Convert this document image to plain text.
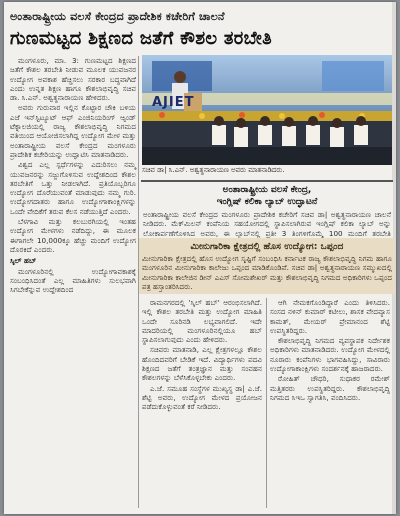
ಅಂತಾರಾಷ್ಟ್ರೀಯ ವಲಸೆ ಕೇಂದ್ರದ ಪ್ರಾದೇಶಿಕ ಕಚೇರಿಗೆ ಚಾಲನೆ
ಗುಣಮಟ್ಟದ ಶಿಕ್ಷಣದ ಜತೆಗೆ ಕೌಶಲ ತರಬೇತಿ

ಮಂಗಳೂರು, ಮಾ. 3: ಗುಣಮಟ್ಟದ ಶಿಕ್ಷಣದ ಜತೆಗೆ ಕೌಶಲ ತರಬೇತಿ ನೀಡುವ ಮೂಲಕ ಯುವಜನರ ಉದ್ಯೋಗ ಅವಕಾಶ ಹೆಚ್ಚಿಸಲು ಸರಕಾರ ಬದ್ಧವಾಗಿದೆ ಎಂದು ಉನ್ನತ ಶಿಕ್ಷಣ ಹಾಗೂ ಕೌಶಲಾಭಿವೃದ್ಧಿ ಸಚಿವ ಡಾ. ಸಿ.ಎನ್. ಅಶ್ವತ್ಥನಾರಾಯಣ ಹೇಳಿದರು.

ಅವರು ಗುರುವಾರ ಇಲ್ಲಿನ ಕೊಟ್ಟಾರ ಚೌಕಿ ಬಳಿಯ ಎಜೆ ಇನ್‌ಸ್ಟಿಟ್ಯೂಟ್ ಆಫ್ ಎಂಜಿನಿಯರಿಂಗ್ ಆ್ಯಂಡ್ ಟೆಕ್ನಾಲಜಿಯಲ್ಲಿ ರಾಜ್ಯ ಕೌಶಲಾಭಿವೃದ್ಧಿ ನಿಗಮದ ವತಿಯಿಂದ ಆಯೋಜಿಸಲಾಗಿದ್ದ ಉದ್ಯೋಗ ಮೇಳ ಮತ್ತು ಅಂತಾರಾಷ್ಟ್ರೀಯ ವಲಸೆ ಕೇಂದ್ರದ ಮಂಗಳೂರು ಪ್ರಾದೇಶಿಕ ಕಚೇರಿಯನ್ನು ಉದ್ಘಾಟಿಸಿ ಮಾತನಾಡಿದರು.

ವಿಶ್ವದ ಎಲ್ಲ ಸ್ಪರ್ಧೆಗಳನ್ನು ಎದುರಿಸಲು ನಮ್ಮ ಯುವಜನರನ್ನು ಸಜ್ಜುಗೊಳಿಸುವ ಉದ್ದೇಶದಿಂದ ಕೌಶಲ ತರಬೇತಿಗೆ ಒತ್ತು ನೀಡಲಾಗಿದೆ. ಪ್ರತಿಯೊಬ್ಬರಿಗೂ ಉದ್ಯೋಗ ದೊರೆಯುವಂತೆ ಮಾಡುವುದು ನಮ್ಮ ಗುರಿ. ಉದ್ಯೋಗದಾತರು ಹಾಗೂ ಉದ್ಯೋಗಾಕಾಂಕ್ಷಿಗಳನ್ನು ಒಂದೇ ವೇದಿಕೆಗೆ ತರುವ ಕೆಲಸ ನಡೆಯುತ್ತಿದೆ ಎಂದರು.

ಬೆಳಗಾವಿ ಮತ್ತು ಕಲಬುರಗಿಯಲ್ಲಿ ಇಂತಹ ಉದ್ಯೋಗ ಮೇಳಗಳು ನಡೆದಿದ್ದು, ಈ ಮೂಲಕ ಈಗಾಗಲೇ 10,000ಕ್ಕೂ ಹೆಚ್ಚು ಮಂದಿಗೆ ಉದ್ಯೋಗ ದೊರಕಿದೆ ಎಂದರು.

ಸ್ಕಿಲ್ ಹಬ್

ಮಂಗಳೂರಿನಲ್ಲಿ ಉದ್ಯೋಗಾವಕಾಶಕ್ಕೆ ಸಂಬಂಧಿಸಿದಂತೆ ಎಲ್ಲ ಮಾಹಿತಿಗಳು ಸುಲಭವಾಗಿ ಸಿಗಬೇಕೆನ್ನುವ ಉದ್ದೇಶದಿಂದ

AJIET
ಸಚಿವ ಡಾ| ಸಿ.ಎನ್. ಅಶ್ವತ್ಥನಾರಾಯಣ ಅವರು ಮಾತನಾಡಿದರು.
ಅಂತಾರಾಷ್ಟ್ರೀಯ ವಲಸೆ ಕೇಂದ್ರ,
ಇಂಗ್ಲಿಷ್ ಕಲಿಕಾ ಲ್ಯಾಬ್ ಉದ್ಘಾಟನೆ
ಅಂತಾರಾಷ್ಟ್ರೀಯ ವಲಸೆ ಕೇಂದ್ರದ ಮಂಗಳೂರು ಪ್ರಾದೇಶಿಕ ಕಚೇರಿಗೆ ಸಚಿವ ಡಾ| ಅಶ್ವತ್ಥನಾರಾಯಣ ಚಾಲನೆ ನೀಡಿದರು. ಮೆಕ್‌ಮಿಲನ್ ಕಂಪೆನಿಯ ಸಹಯೋಗದಲ್ಲಿ ಸ್ಥಾಪಿಸಲಾಗಿರುವ ಇಂಗ್ಲಿಷ್ ಕಲಿಕಾ ಲ್ಯಾಬ್ ಅನ್ನು ಲೋಕಾರ್ಪಣೆಗೊಳಿಸಿದ ಅವರು, ಈ ಲ್ಯಾಬ್‌ನಲ್ಲಿ ಪ್ರತೀ 3 ತಿಂಗಳಿಗೊಮ್ಮೆ 100 ಮಂದಿಗೆ ತರಬೇತಿ
ಮೀನುಗಾರಿಕಾ ಕ್ಷೇತ್ರದಲ್ಲಿ ಹೊಸ ಉದ್ಯೋಗ: ಒಪ್ಪಂದ
ಮೀನುಗಾರಿಕಾ ಕ್ಷೇತ್ರದಲ್ಲಿ ಹೊಸ ಉದ್ಯೋಗ ಸೃಷ್ಟಿಗೆ ಸಂಬಂಧಿಸಿ ಕರ್ನಾಟಕ ರಾಜ್ಯ ಕೌಶಲಾಭಿವೃದ್ಧಿ ನಿಗಮ ಹಾಗೂ ಮಂಗಳೂರಿನ ಮೀನುಗಾರಿಕಾ ಕಾಲೇಜು ಒಪ್ಪಂದ ಮಾಡಿಕೊಂಡಿವೆ. ಸಚಿವ ಡಾ| ಅಶ್ವತ್ಥನಾರಾಯಣ ಸಮ್ಮುಖದಲ್ಲಿ ಮೀನುಗಾರಿಕಾ ಕಾಲೇಜಿನ ಡೀನ್ ಎಎಸ್ ಸೋಮಶೇಖರ್ ಮತ್ತು ಕೌಶಲಾಭಿವೃದ್ಧಿ ನಿಗಮದ ಅಧಿಕಾರಿಗಳು ಒಪ್ಪಂದ ಪತ್ರ ಹಸ್ತಾಂತರಿಸಿದರು.

ರಾಮನಗರದಲ್ಲಿ 'ಸ್ಕಿಲ್ ಹಬ್' ಆರಂಭಿಸಲಾಗಿದೆ. ಇಲ್ಲಿ ಕೌಶಲ ತರಬೇತಿ ಮತ್ತು ಉದ್ಯೋಗ ಮಾಹಿತಿ ಒಂದೇ ಸೂರಿನಡಿ ಲಭ್ಯವಾಗಲಿದೆ. ಇದೇ ಮಾದರಿಯಲ್ಲಿ ಮಂಗಳೂರಿನಲ್ಲಿಯೂ ಹಬ್ ಸ್ಥಾಪಿಸಲಾಗುವುದು ಎಂದು ಹೇಳಿದರು.

ಸಚಿವರು ಮಾತನಾಡಿ, ಎಲ್ಲ ಕ್ಷೇತ್ರಗಳಲ್ಲೂ ಕೌಶಲ ಹೊಂದಿದವರಿಗೆ ಬೇಡಿಕೆ ಇದೆ. ವಿದ್ಯಾರ್ಥಿಗಳು ಪದವಿ ಶಿಕ್ಷಣದ ಜತೆಗೆ ತಂತ್ರಜ್ಞಾನ ಮತ್ತು ಸಂವಹನ ಕೌಶಲಗಳನ್ನು ಬೆಳೆಸಿಕೊಳ್ಳಬೇಕು ಎಂದರು.

ಎ.ಜೆ. ಸಮೂಹ ಸಂಸ್ಥೆಗಳ ಮುಖ್ಯಸ್ಥ ಡಾ| ಎ.ಜೆ. ಶೆಟ್ಟಿ ಅವರು, ಉದ್ಯೋಗ ಮೇಳದ ಪ್ರಯೋಜನ ಪಡೆದುಕೊಳ್ಳುವಂತೆ ಕರೆ ನೀಡಿದರು.

ಆಗಿ ನೇಮಕಗೊಂಡಿದ್ದಾರೆ ಎಂದು ತಿಳಿಸಿದರು. ಸಂಸದ ನಳಿನ್ ಕುಮಾರ್ ಕಟೀಲು, ಶಾಸಕ ವೇದವ್ಯಾಸ ಕಾಮತ್, ಮೇಯರ್ ಪ್ರೇಮಾನಂದ ಶೆಟ್ಟಿ ಉಪಸ್ಥಿತರಿದ್ದರು.

ಕೌಶಲಾಭಿವೃದ್ಧಿ ನಿಗಮದ ವ್ಯವಸ್ಥಾಪಕ ನಿರ್ದೇಶಕ ಅಧಿಕಾರಿಗಳು ಮಾತನಾಡಿದರು. ಉದ್ಯೋಗ ಮೇಳದಲ್ಲಿ ನೂರಾರು ಕಂಪೆನಿಗಳು ಭಾಗವಹಿಸಿದ್ದು, ಸಾವಿರಾರು ಉದ್ಯೋಗಾಕಾಂಕ್ಷಿಗಳು ಸಂದರ್ಶನಕ್ಕೆ ಹಾಜರಾದರು.

ರೋಹಿತ್ ಚೌಧರಿ, ಸುಧಾಕರ ರಮೇಶ್ ಮತ್ತಿತರರು ಉಪಸ್ಥಿತರಿದ್ದರು. ಕೌಶಲಾಭಿವೃದ್ಧಿ ನಿಗಮದ ಸಿಇಒ ಸ್ವಾಗತಿಸಿ, ವಂದಿಸಿದರು.
